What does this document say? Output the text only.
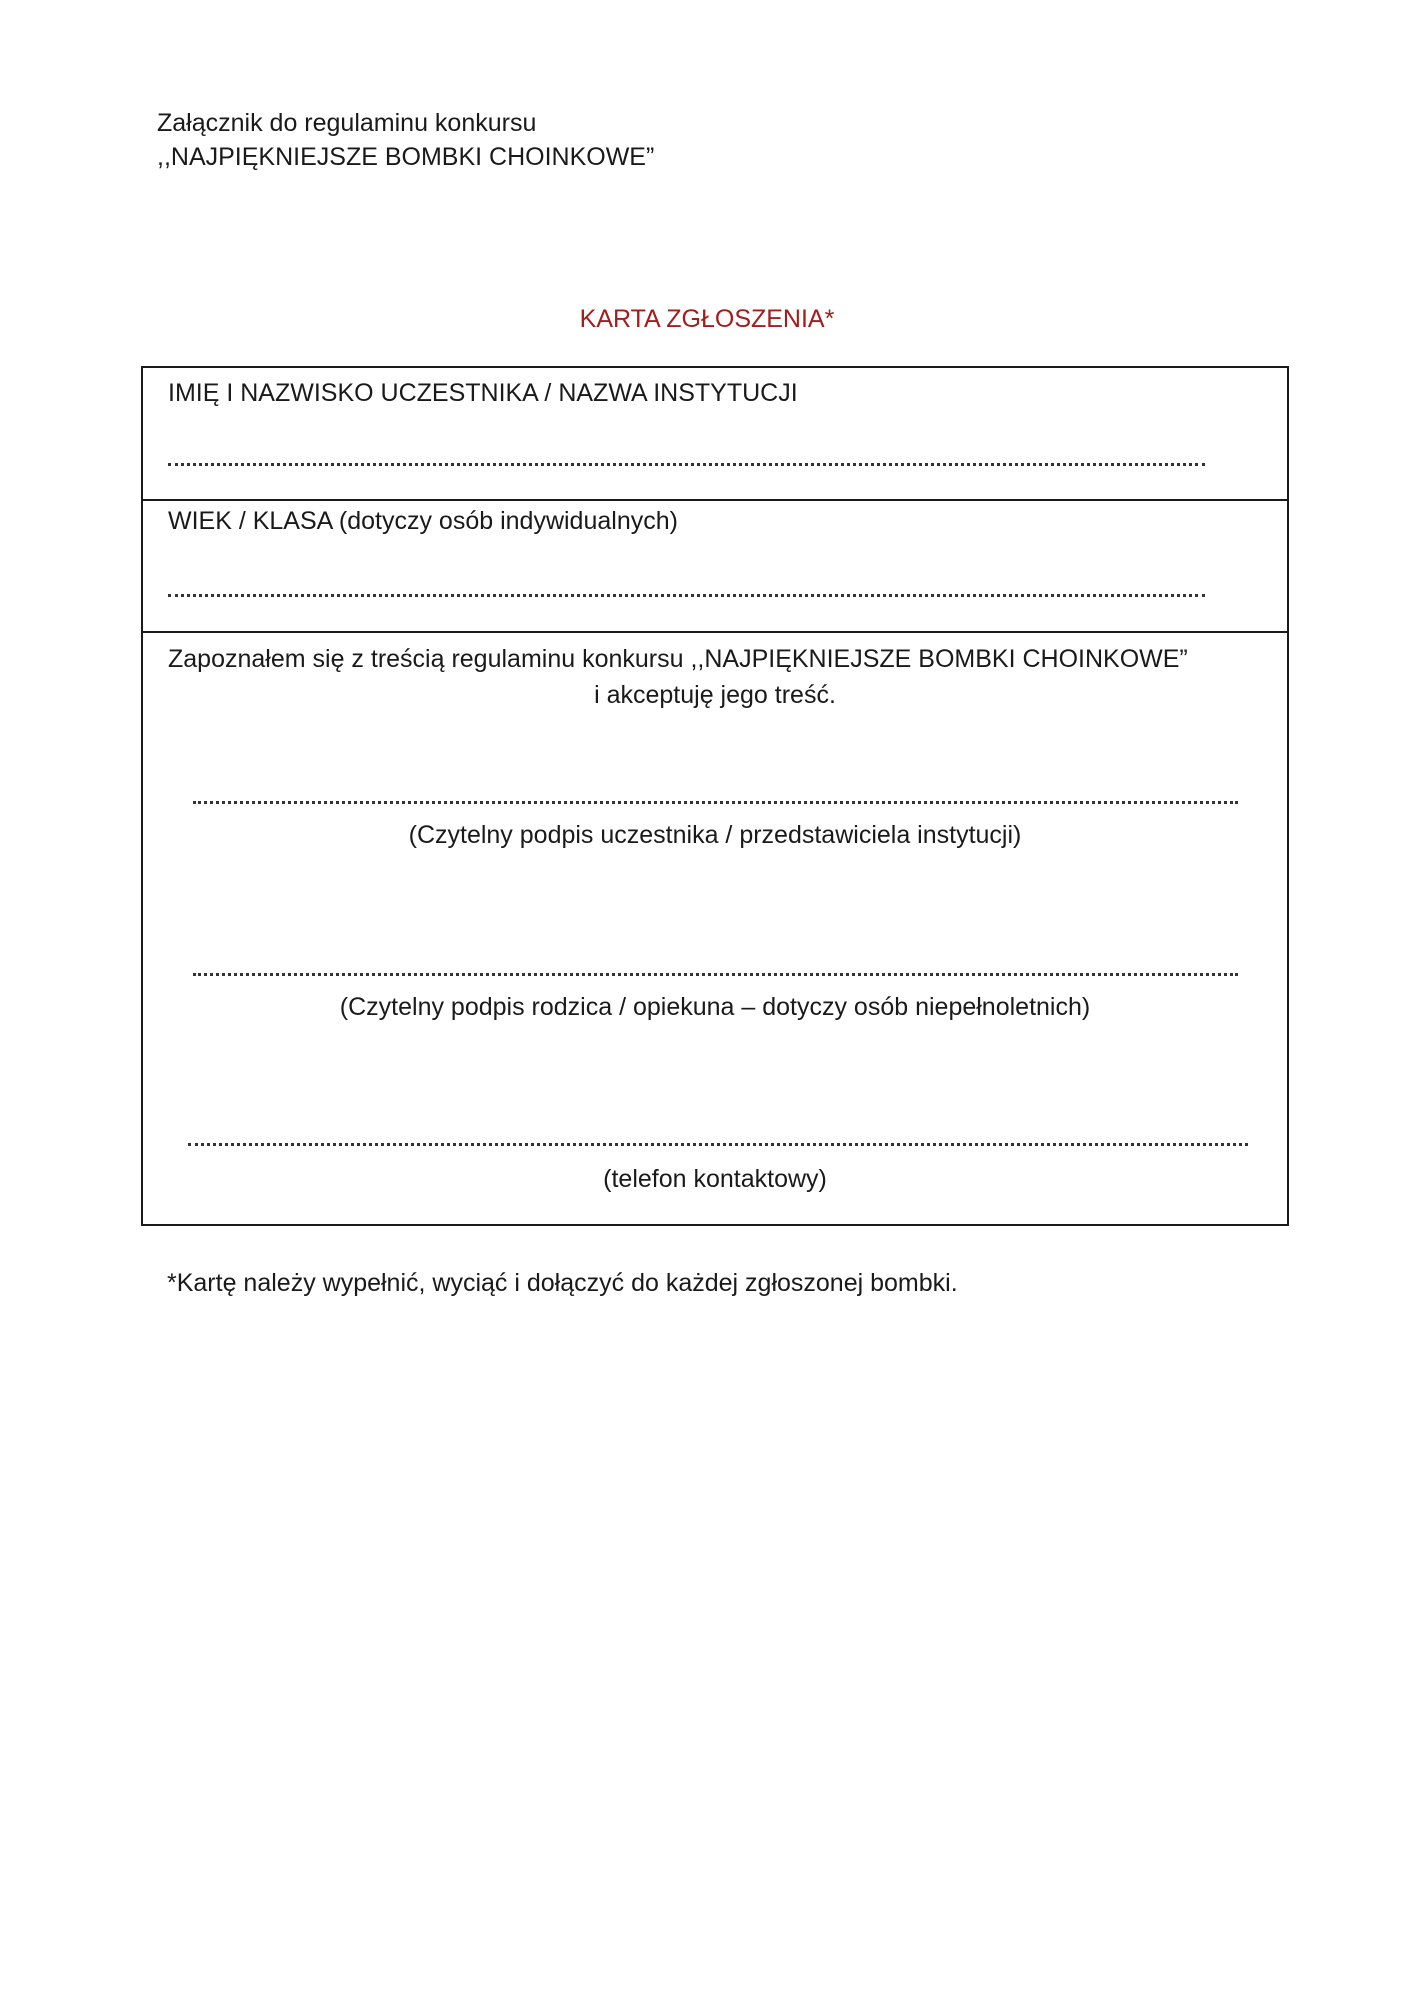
Załącznik do regulaminu konkursu
,,NAJPIĘKNIEJSZE BOMBKI CHOINKOWE”
KARTA ZGŁOSZENIA*
IMIĘ I NAZWISKO UCZESTNIKA / NAZWA INSTYTUCJI
WIEK / KLASA (dotyczy osób indywidualnych)
Zapoznałem się z treścią regulaminu konkursu ,,NAJPIĘKNIEJSZE BOMBKI CHOINKOWE”
i akceptuję jego treść.
(Czytelny podpis uczestnika / przedstawiciela instytucji)
(Czytelny podpis rodzica / opiekuna – dotyczy osób niepełnoletnich)
(telefon kontaktowy)
*Kartę należy wypełnić, wyciąć i dołączyć do każdej zgłoszonej bombki.
